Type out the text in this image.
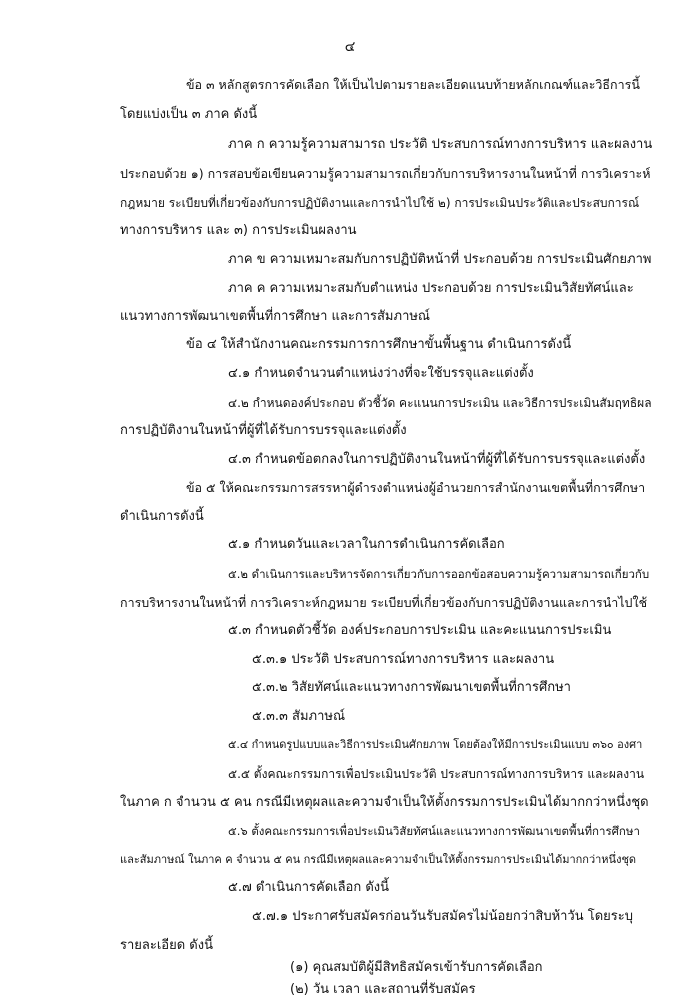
๔
ข้อ ๓ หลักสูตรการคัดเลือก ให้เป็นไปตามรายละเอียดแนบท้ายหลักเกณฑ์และวิธีการนี้
โดยแบ่งเป็น ๓ ภาค ดังนี้
ภาค ก ความรู้ความสามารถ ประวัติ ประสบการณ์ทางการบริหาร และผลงาน
ประกอบด้วย ๑) การสอบข้อเขียนความรู้ความสามารถเกี่ยวกับการบริหารงานในหน้าที่ การวิเคราะห์
กฎหมาย ระเบียบที่เกี่ยวข้องกับการปฏิบัติงานและการนำไปใช้ ๒) การประเมินประวัติและประสบการณ์
ทางการบริหาร และ ๓) การประเมินผลงาน
ภาค ข ความเหมาะสมกับการปฏิบัติหน้าที่ ประกอบด้วย การประเมินศักยภาพ
ภาค ค ความเหมาะสมกับตำแหน่ง ประกอบด้วย การประเมินวิสัยทัศน์และ
แนวทางการพัฒนาเขตพื้นที่การศึกษา และการสัมภาษณ์
ข้อ ๔ ให้สำนักงานคณะกรรมการการศึกษาขั้นพื้นฐาน ดำเนินการดังนี้
๔.๑ กำหนดจำนวนตำแหน่งว่างที่จะใช้บรรจุและแต่งตั้ง
๔.๒ กำหนดองค์ประกอบ ตัวชี้วัด คะแนนการประเมิน และวิธีการประเมินสัมฤทธิผล
การปฏิบัติงานในหน้าที่ผู้ที่ได้รับการบรรจุและแต่งตั้ง
๔.๓ กำหนดข้อตกลงในการปฏิบัติงานในหน้าที่ผู้ที่ได้รับการบรรจุและแต่งตั้ง
ข้อ ๕ ให้คณะกรรมการสรรหาผู้ดำรงตำแหน่งผู้อำนวยการสำนักงานเขตพื้นที่การศึกษา
ดำเนินการดังนี้
๕.๑ กำหนดวันและเวลาในการดำเนินการคัดเลือก
๕.๒ ดำเนินการและบริหารจัดการเกี่ยวกับการออกข้อสอบความรู้ความสามารถเกี่ยวกับ
การบริหารงานในหน้าที่ การวิเคราะห์กฎหมาย ระเบียบที่เกี่ยวข้องกับการปฏิบัติงานและการนำไปใช้
๕.๓ กำหนดตัวชี้วัด องค์ประกอบการประเมิน และคะแนนการประเมิน
๕.๓.๑ ประวัติ ประสบการณ์ทางการบริหาร และผลงาน
๕.๓.๒ วิสัยทัศน์และแนวทางการพัฒนาเขตพื้นที่การศึกษา
๕.๓.๓ สัมภาษณ์
๕.๔ กำหนดรูปแบบและวิธีการประเมินศักยภาพ โดยต้องให้มีการประเมินแบบ ๓๖๐ องศา
๕.๕ ตั้งคณะกรรมการเพื่อประเมินประวัติ ประสบการณ์ทางการบริหาร และผลงาน
ในภาค ก จำนวน ๕ คน กรณีมีเหตุผลและความจำเป็นให้ตั้งกรรมการประเมินได้มากกว่าหนึ่งชุด
๕.๖ ตั้งคณะกรรมการเพื่อประเมินวิสัยทัศน์และแนวทางการพัฒนาเขตพื้นที่การศึกษา
และสัมภาษณ์ ในภาค ค จำนวน ๕ คน กรณีมีเหตุผลและความจำเป็นให้ตั้งกรรมการประเมินได้มากกว่าหนึ่งชุด
๕.๗ ดำเนินการคัดเลือก ดังนี้
๕.๗.๑ ประกาศรับสมัครก่อนวันรับสมัครไม่น้อยกว่าสิบห้าวัน โดยระบุ
รายละเอียด ดังนี้
(๑) คุณสมบัติผู้มีสิทธิสมัครเข้ารับการคัดเลือก
(๒) วัน เวลา และสถานที่รับสมัคร
